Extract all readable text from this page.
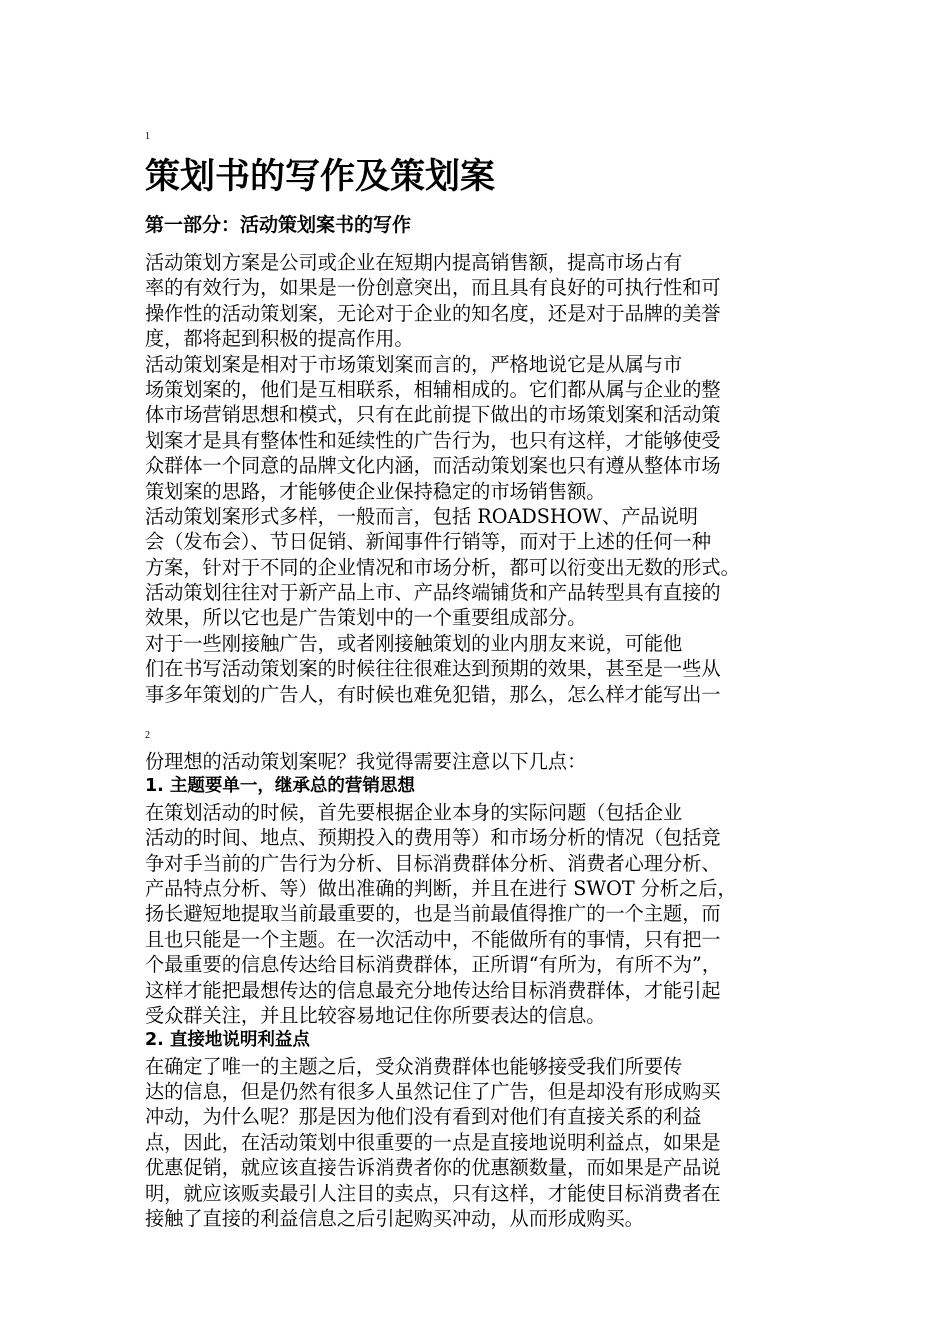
1
策划书的写作及策划案
第一部分：活动策划案书的写作
活动策划方案是公司或企业在短期内提高销售额，提高市场占有
率的有效行为，如果是一份创意突出，而且具有良好的可执行性和可
操作性的活动策划案，无论对于企业的知名度，还是对于品牌的美誉
度，都将起到积极的提高作用。
活动策划案是相对于市场策划案而言的，严格地说它是从属与市
场策划案的，他们是互相联系，相辅相成的。它们都从属与企业的整
体市场营销思想和模式，只有在此前提下做出的市场策划案和活动策
划案才是具有整体性和延续性的广告行为，也只有这样，才能够使受
众群体一个同意的品牌文化内涵，而活动策划案也只有遵从整体市场
策划案的思路，才能够使企业保持稳定的市场销售额。
活动策划案形式多样，一般而言，包括 ROADSHOW、产品说明
会（发布会）、节日促销、新闻事件行销等，而对于上述的任何一种
方案，针对于不同的企业情况和市场分析，都可以衍变出无数的形式。
活动策划往往对于新产品上市、产品终端铺货和产品转型具有直接的
效果，所以它也是广告策划中的一个重要组成部分。
对于一些刚接触广告，或者刚接触策划的业内朋友来说，可能他
们在书写活动策划案的时候往往很难达到预期的效果，甚至是一些从
事多年策划的广告人，有时候也难免犯错，那么，怎么样才能写出一
2
份理想的活动策划案呢？我觉得需要注意以下几点：
1. 主题要单一，继承总的营销思想
在策划活动的时候，首先要根据企业本身的实际问题（包括企业
活动的时间、地点、预期投入的费用等）和市场分析的情况（包括竞
争对手当前的广告行为分析、目标消费群体分析、消费者心理分析、
产品特点分析、等）做出准确的判断，并且在进行 SWOT 分析之后，
扬长避短地提取当前最重要的，也是当前最值得推广的一个主题，而
且也只能是一个主题。在一次活动中，不能做所有的事情，只有把一
个最重要的信息传达给目标消费群体，正所谓“有所为，有所不为”，
这样才能把最想传达的信息最充分地传达给目标消费群体，才能引起
受众群关注，并且比较容易地记住你所要表达的信息。
2. 直接地说明利益点
在确定了唯一的主题之后，受众消费群体也能够接受我们所要传
达的信息，但是仍然有很多人虽然记住了广告，但是却没有形成购买
冲动，为什么呢？那是因为他们没有看到对他们有直接关系的利益
点，因此，在活动策划中很重要的一点是直接地说明利益点，如果是
优惠促销，就应该直接告诉消费者你的优惠额数量，而如果是产品说
明，就应该贩卖最引人注目的卖点，只有这样，才能使目标消费者在
接触了直接的利益信息之后引起购买冲动，从而形成购买。
